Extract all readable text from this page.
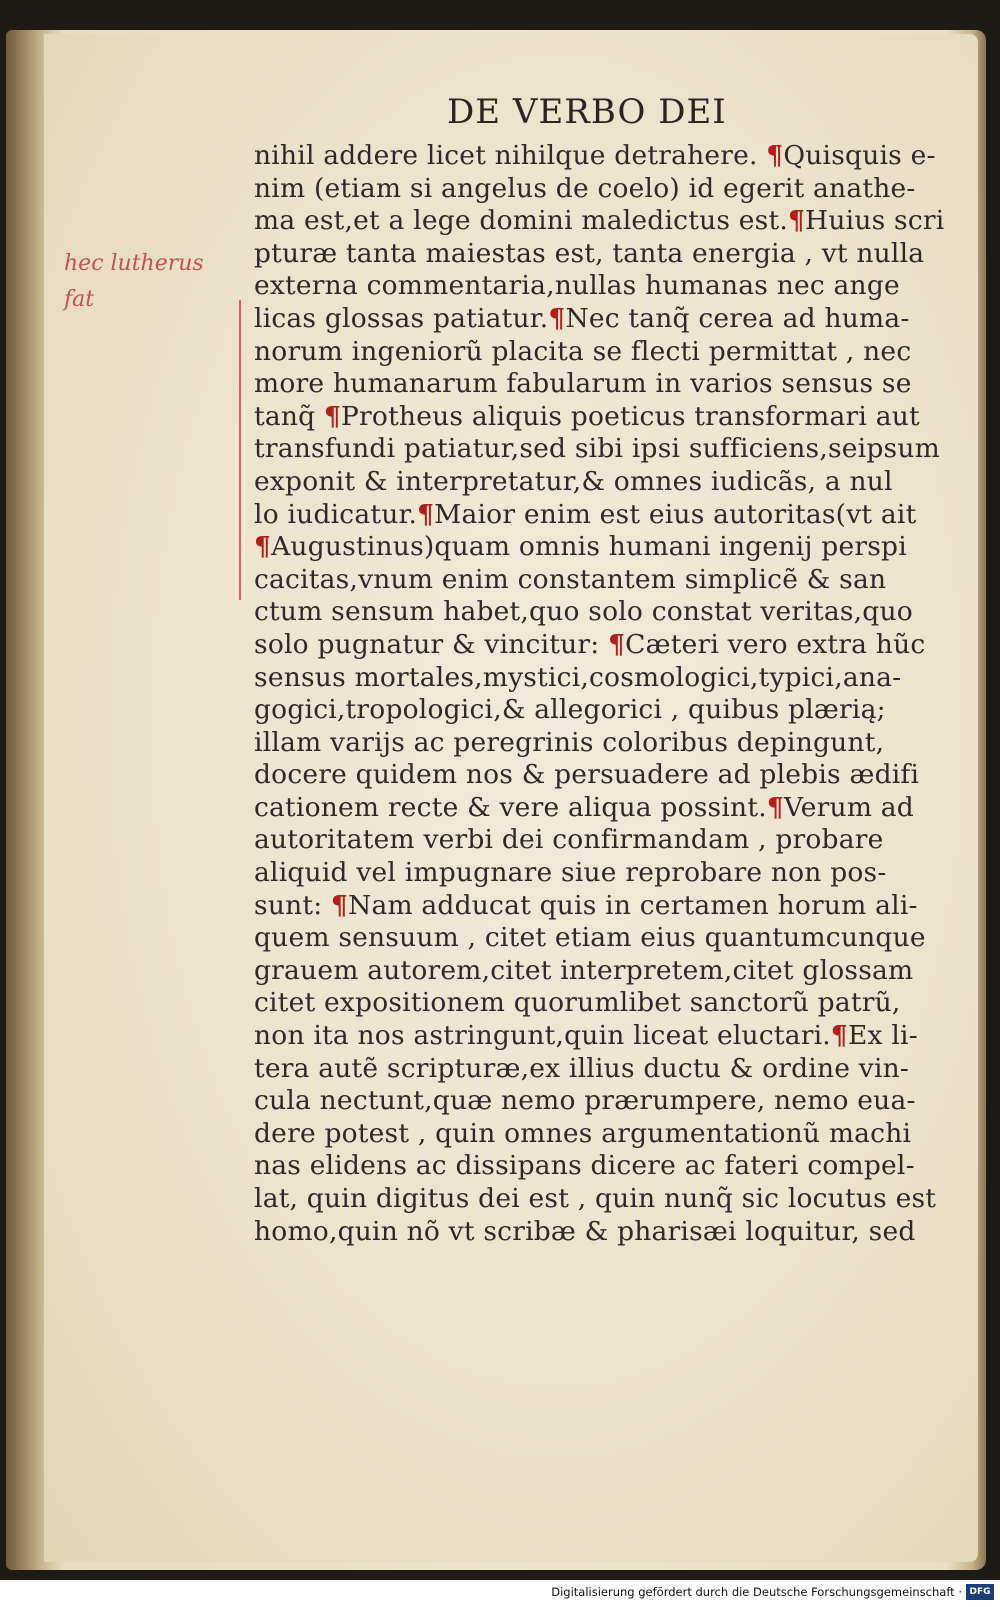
DE VERBO DEI
hec lutherus
fat
nihil addere licet nihilque detrahere. ¶Quisquis e-
nim (etiam si angelus de coelo) id egerit anathe-
ma est,et a lege domini maledictus est.¶Huius scri
pturæ tanta maiestas est, tanta energia , vt nulla
externa commentaria,nullas humanas nec ange
licas glossas patiatur.¶Nec tanq cerea ad huma-
norum ingeniorũ placita se flecti permittat , nec
more humanarum fabularum in varios sensus se
tanq ¶Protheus aliquis poeticus transformari aut
transfundi patiatur,sed sibi ipsi sufficiens,seipsum
exponit & interpretatur,& omnes iudicãs, a nul
lo iudicatur.¶Maior enim est eius autoritas(vt ait
¶Augustinus)quam omnis humani ingenij perspi
cacitas,vnum enim constantem simplicẽ & san
ctum sensum habet,quo solo constat veritas,quo
solo pugnatur & vincitur: ¶Cæteri vero extra hũc
sensus mortales,mystici,cosmologici,typici,ana-
gogici,tropologici,& allegorici , quibus plærią;
illam varijs ac peregrinis coloribus depingunt,
docere quidem nos & persuadere ad plebis ædifi
cationem recte & vere aliqua possint.¶Verum ad
autoritatem verbi dei confirmandam , probare
aliquid vel impugnare siue reprobare non pos-
sunt: ¶Nam adducat quis in certamen horum ali-
quem sensuum , citet etiam eius quantumcunque
grauem autorem,citet interpretem,citet glossam
citet expositionem quorumlibet sanctorũ patrũ,
non ita nos astringunt,quin liceat eluctari.¶Ex li-
tera autẽ scripturæ,ex illius ductu & ordine vin-
cula nectunt,quæ nemo prærumpere, nemo eua-
dere potest , quin omnes argumentationũ machi
nas elidens ac dissipans dicere ac fateri compel-
lat, quin digitus dei est , quin nunq sic locutus est
homo,quin nõ vt scribæ & pharisæi loquitur, sed
Digitalisierung gefördert durch die Deutsche Forschungsgemeinschaft · DFG
